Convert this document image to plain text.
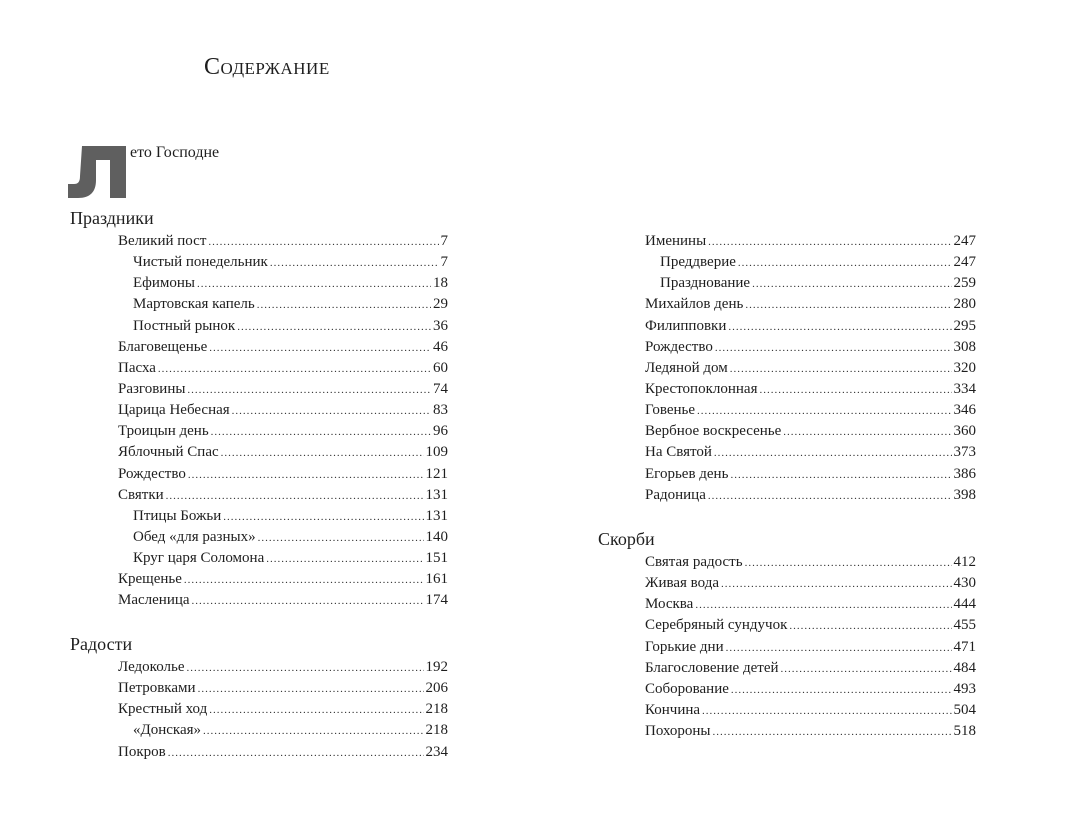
Содержание
ето Господне
Праздники
Великий пост .....	7
Чистый понедельник .....	7
Ефимоны .....	18
Мартовская капель .....	29
Постный рынок .....	36
Благовещенье .....	46
Пасха .....	60
Разговины .....	74
Царица Небесная .....	83
Троицын день .....	96
Яблочный Спас .....	109
Рождество .....	121
Святки .....	131
Птицы Божьи .....	131
Обед «для разных» .....	140
Круг царя Соломона .....	151
Крещенье .....	161
Масленица .....	174
Радости
Ледоколье .....	192
Петровками .....	206
Крестный ход .....	218
«Донская» .....	218
Покров .....	234
Именины .....	247
Преддверие .....	247
Празднование .....	259
Михайлов день .....	280
Филипповки .....	295
Рождество .....	308
Ледяной дом .....	320
Крестопоклонная .....	334
Говенье .....	346
Вербное воскресенье .....	360
На Святой .....	373
Егорьев день .....	386
Радоница .....	398
Скорби
Святая радость .....	412
Живая вода .....	430
Москва .....	444
Серебряный сундучок .....	455
Горькие дни .....	471
Благословение детей .....	484
Соборование .....	493
Кончина .....	504
Похороны .....	518
